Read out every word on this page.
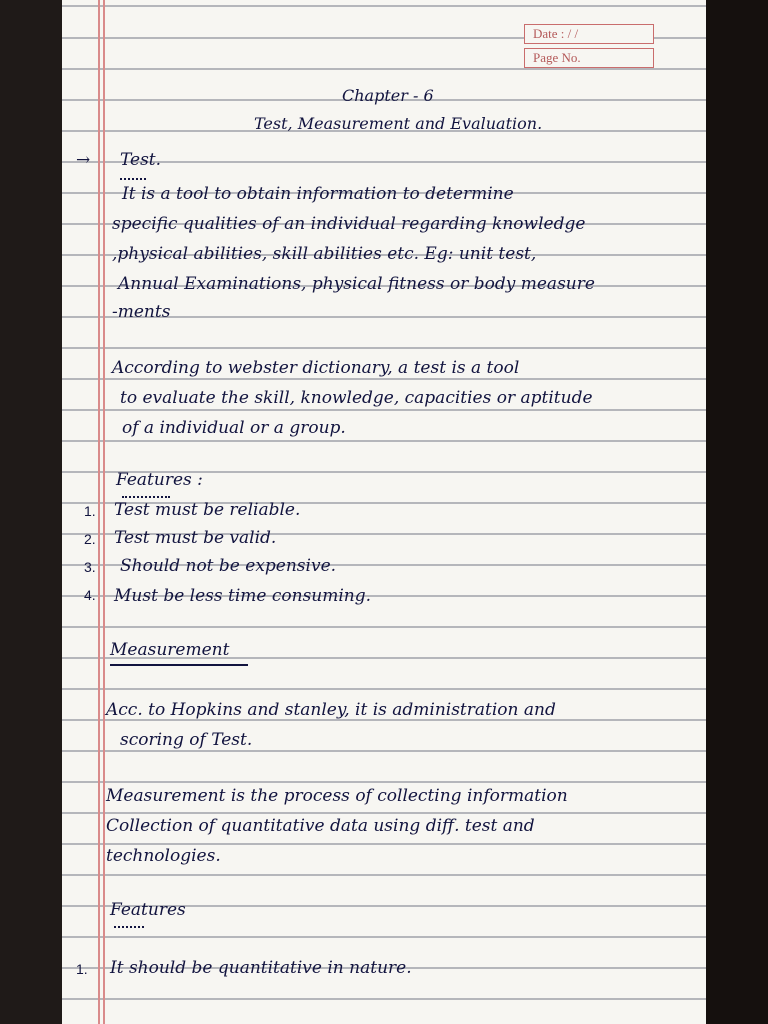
Date : / /
Page No.
Chapter - 6
Test, Measurement and Evaluation.
→ Test.
It is a tool to obtain information to determine
specific qualities of an individual regarding knowledge
,physical abilities, skill abilities etc. Eg: unit test,
Annual Examinations, physical fitness or body measure
-ments
According to webster dictionary, a test is a tool
to evaluate the skill, knowledge, capacities or aptitude
of a individual or a group.
Features :
1. Test must be reliable.
2. Test must be valid.
3. Should not be expensive.
4. Must be less time consuming.
Measurement
Acc. to Hopkins and stanley, it is administration and
scoring of Test.
Measurement is the process of collecting information
Collection of quantitative data using diff. test and
technologies.
Features
1. It should be quantitative in nature.
